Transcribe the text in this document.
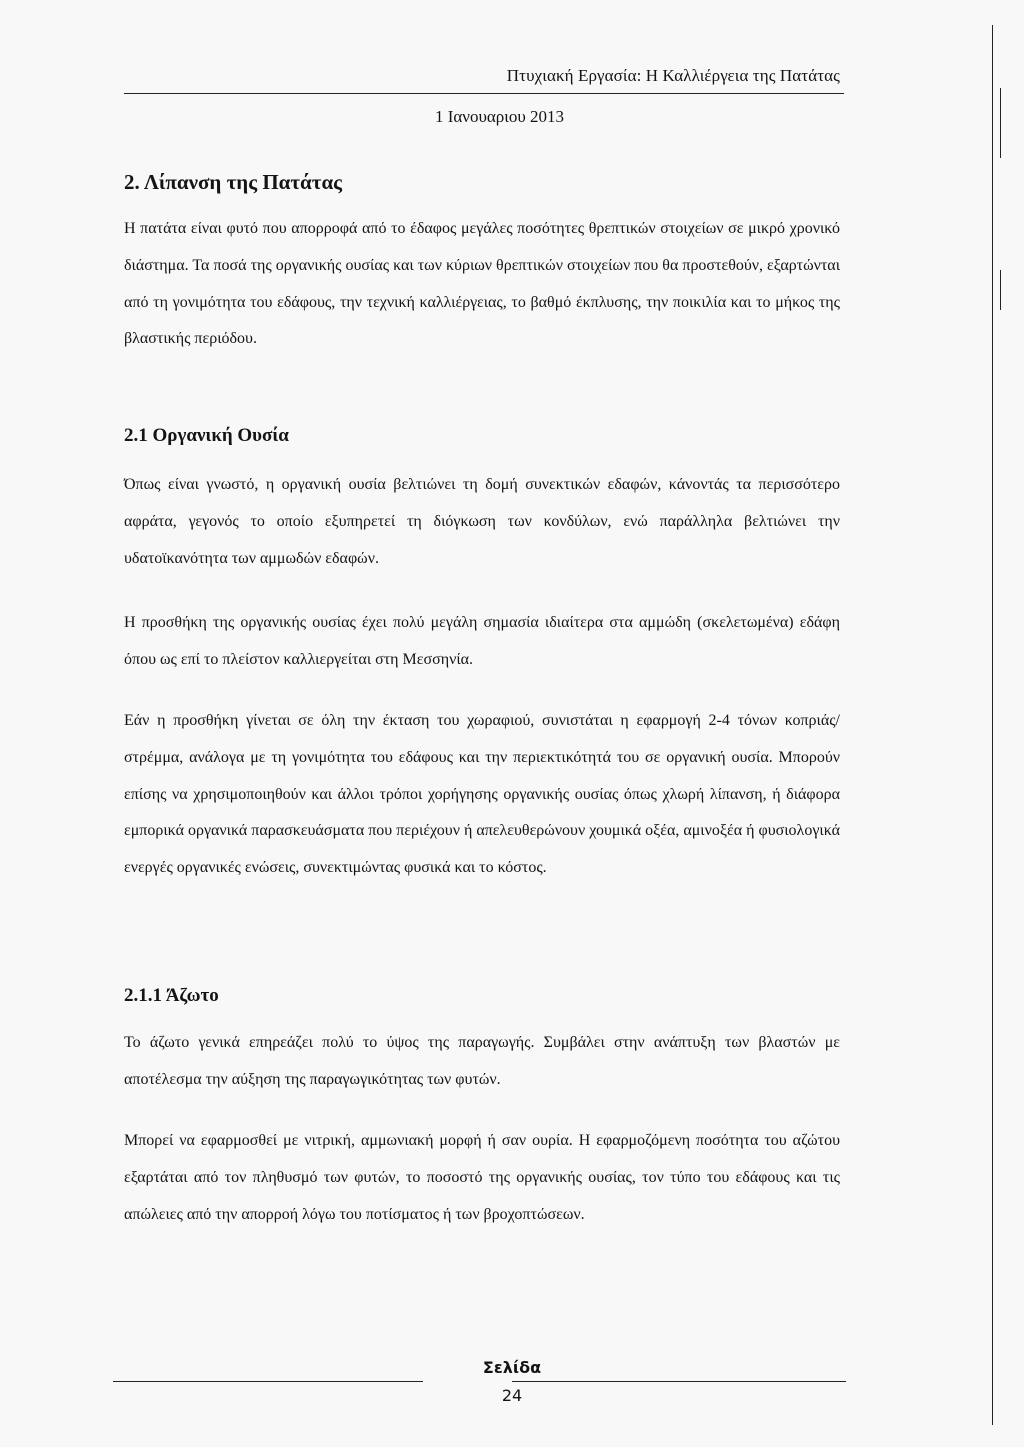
Πτυχιακή Εργασία: Η Καλλιέργεια της Πατάτας
1 Ιανουαριου 2013
2. Λίπανση της Πατάτας

Η πατάτα είναι φυτό που απορροφά από το έδαφος μεγάλες ποσότητες θρεπτικών στοιχείων σε μικρό χρονικό διάστημα. Τα ποσά της οργανικής ουσίας και των κύριων θρεπτικών στοιχείων που θα προστεθούν, εξαρτώνται από τη γονιμότητα του εδάφους, την τεχνική καλλιέργειας, το βαθμό έκπλυσης, την ποικιλία και το μήκος της βλαστικής περιόδου.

2.1 Οργανική Ουσία

Όπως είναι γνωστό, η οργανική ουσία βελτιώνει τη δομή συνεκτικών εδαφών, κάνοντάς τα περισσότερο αφράτα, γεγονός το οποίο εξυπηρετεί τη διόγκωση των κονδύλων, ενώ παράλληλα βελτιώνει την υδατοϊκανότητα των αμμωδών εδαφών.

Η προσθήκη της οργανικής ουσίας έχει πολύ μεγάλη σημασία ιδιαίτερα στα αμμώδη (σκελετωμένα) εδάφη όπου ως επί το πλείστον καλλιεργείται στη Μεσσηνία.

Εάν η προσθήκη γίνεται σε όλη την έκταση του χωραφιού, συνιστάται η εφαρμογή 2-4 τόνων κοπριάς/ στρέμμα, ανάλογα με τη γονιμότητα του εδάφους και την περιεκτικότητά του σε οργανική ουσία. Μπορούν επίσης να χρησιμοποιηθούν και άλλοι τρόποι χορήγησης οργανικής ουσίας όπως χλωρή λίπανση, ή διάφορα εμπορικά οργανικά παρασκευάσματα που περιέχουν ή απελευθερώνουν χουμικά οξέα, αμινοξέα ή φυσιολογικά ενεργές οργανικές ενώσεις, συνεκτιμώντας φυσικά και το κόστος.

2.1.1 Άζωτο

Το άζωτο γενικά επηρεάζει πολύ το ύψος της παραγωγής. Συμβάλει στην ανάπτυξη των βλαστών με αποτέλεσμα την αύξηση της παραγωγικότητας των φυτών.

Μπορεί να εφαρμοσθεί με νιτρική, αμμωνιακή μορφή ή σαν ουρία. Η εφαρμοζόμενη ποσότητα του αζώτου εξαρτάται από τον πληθυσμό των φυτών, το ποσοστό της οργανικής ουσίας, τον τύπο του εδάφους και τις απώλειες από την απορροή λόγω του ποτίσματος ή των βροχοπτώσεων.

Σελίδα
24
